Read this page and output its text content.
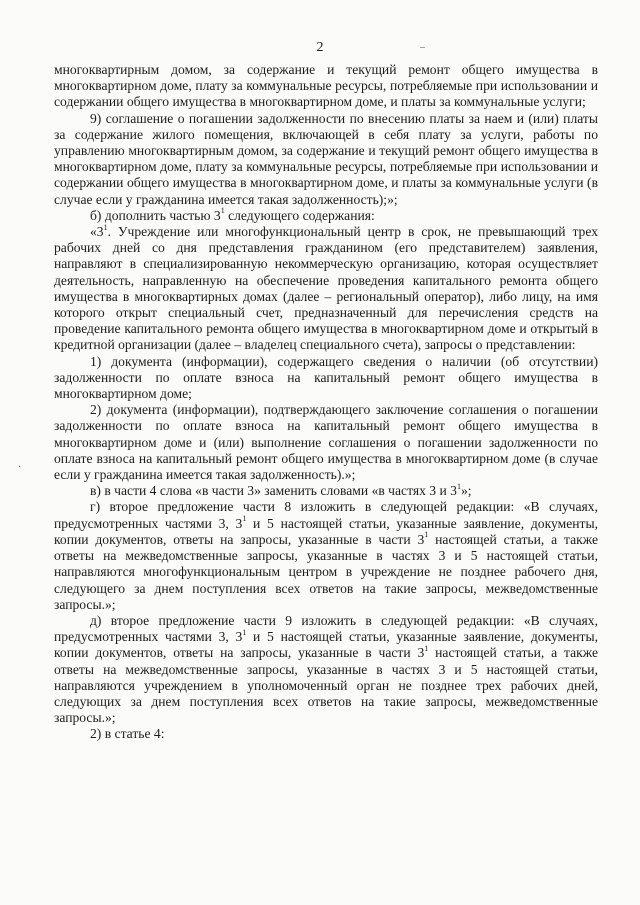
2	–
·

многоквартирным домом, за содержание и текущий ремонт общего имущества в многоквартирном доме, плату за коммунальные ресурсы, потребляемые при использовании и содержании общего имущества в многоквартирном доме, и платы за коммунальные услуги;

9) соглашение о погашении задолженности по внесению платы за наем и (или) платы за содержание жилого помещения, включающей в себя плату за услуги, работы по управлению многоквартирным домом, за содержание и текущий ремонт общего имущества в многоквартирном доме, плату за коммунальные ресурсы, потребляемые при использовании и содержании общего имущества в многоквартирном доме, и платы за коммунальные услуги (в случае если у гражданина имеется такая задолженность);»;

б) дополнить частью $3^1$ следующего содержания:

«$3^1$. Учреждение или многофункциональный центр в срок, не превышающий трех рабочих дней со дня представления гражданином (его представителем) заявления, направляют в специализированную некоммерческую организацию, которая осуществляет деятельность, направленную на обеспечение проведения капитального ремонта общего имущества в многоквартирных домах (далее – региональный оператор), либо лицу, на имя которого открыт специальный счет, предназначенный для перечисления средств на проведение капитального ремонта общего имущества в многоквартирном доме и открытый в кредитной организации (далее – владелец специального счета), запросы о представлении:

1) документа (информации), содержащего сведения о наличии (об отсутствии) задолженности по оплате взноса на капитальный ремонт общего имущества в многоквартирном доме;

2) документа (информации), подтверждающего заключение соглашения о погашении задолженности по оплате взноса на капитальный ремонт общего имущества в многоквартирном доме и (или) выполнение соглашения о погашении задолженности по оплате взноса на капитальный ремонт общего имущества в многоквартирном доме (в случае если у гражданина имеется такая задолженность).»;

в) в части 4 слова «в части 3» заменить словами «в частях 3 и $3^1$»;

г) второе предложение части 8 изложить в следующей редакции: «В случаях, предусмотренных частями 3, $3^1$ и 5 настоящей статьи, указанные заявление, документы, копии документов, ответы на запросы, указанные в части $3^1$ настоящей статьи, а также ответы на межведомственные запросы, указанные в частях 3 и 5 настоящей статьи, направляются многофункциональным центром в учреждение не позднее рабочего дня, следующего за днем поступления всех ответов на такие запросы, межведомственные запросы.»;

д) второе предложение части 9 изложить в следующей редакции: «В случаях, предусмотренных частями 3, $3^1$ и 5 настоящей статьи, указанные заявление, документы, копии документов, ответы на запросы, указанные в части $3^1$ настоящей статьи, а также ответы на межведомственные запросы, указанные в частях 3 и 5 настоящей статьи, направляются учреждением в уполномоченный орган не позднее трех рабочих дней, следующих за днем поступления всех ответов на такие запросы, межведомственные запросы.»;

2) в статье 4:
